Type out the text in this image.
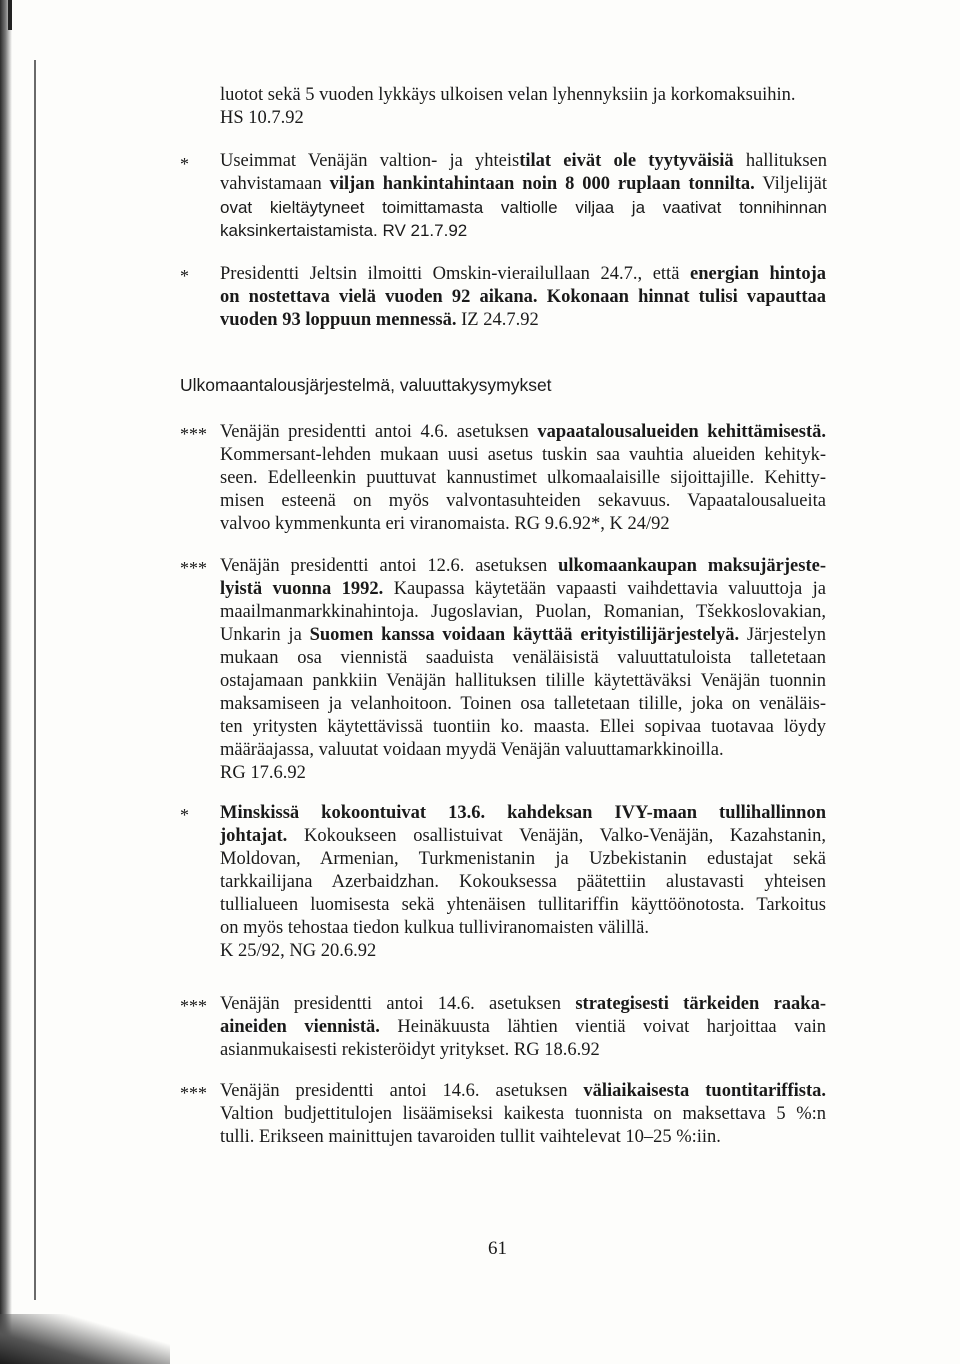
luotot sekä 5 vuoden lykkäys ulkoisen velan lyhennyksiin ja korkomaksuihin.
HS 10.7.92
* Useimmat Venäjän valtion- ja yhteistilat eivät ole tyytyväisiä hallituksen
vahvistamaan viljan hankintahintaan noin 8 000 ruplaan tonnilta. Viljelijät
ovat kieltäytyneet toimittamasta valtiolle viljaa ja vaativat tonnihinnan
kaksinkertaistamista. RV 21.7.92
* Presidentti Jeltsin ilmoitti Omskin-vierailullaan 24.7., että energian hintoja
on nostettava vielä vuoden 92 aikana. Kokonaan hinnat tulisi vapauttaa
vuoden 93 loppuun mennessä. IZ 24.7.92
Ulkomaantalousjärjestelmä, valuuttakysymykset
*** Venäjän presidentti antoi 4.6. asetuksen vapaatalousalueiden kehittämisestä.
Kommersant-lehden mukaan uusi asetus tuskin saa vauhtia alueiden kehityk-
seen. Edelleenkin puuttuvat kannustimet ulkomaalaisille sijoittajille. Kehitty-
misen esteenä on myös valvontasuhteiden sekavuus. Vapaatalousalueita
valvoo kymmenkunta eri viranomaista. RG 9.6.92*, K 24/92
*** Venäjän presidentti antoi 12.6. asetuksen ulkomaankaupan maksujärjeste-
lyistä vuonna 1992. Kaupassa käytetään vapaasti vaihdettavia valuuttoja ja
maailmanmarkkinahintoja. Jugoslavian, Puolan, Romanian, Tšekkoslovakian,
Unkarin ja Suomen kanssa voidaan käyttää erityistilijärjestelyä. Järjestelyn
mukaan osa viennistä saaduista venäläisistä valuuttatuloista talletetaan
ostajamaan pankkiin Venäjän hallituksen tilille käytettäväksi Venäjän tuonnin
maksamiseen ja velanhoitoon. Toinen osa talletetaan tilille, joka on venäläis-
ten yritysten käytettävissä tuontiin ko. maasta. Ellei sopivaa tuotavaa löydy
määräajassa, valuutat voidaan myydä Venäjän valuuttamarkkinoilla.
RG 17.6.92
* Minskissä kokoontuivat 13.6. kahdeksan IVY-maan tullihallinnon
johtajat. Kokoukseen osallistuivat Venäjän, Valko-Venäjän, Kazahstanin,
Moldovan, Armenian, Turkmenistanin ja Uzbekistanin edustajat sekä
tarkkailijana Azerbaidzhan. Kokouksessa päätettiin alustavasti yhteisen
tullialueen luomisesta sekä yhtenäisen tullitariffin käyttöönotosta. Tarkoitus
on myös tehostaa tiedon kulkua tulliviranomaisten välillä.
K 25/92, NG 20.6.92
*** Venäjän presidentti antoi 14.6. asetuksen strategisesti tärkeiden raaka-
aineiden viennistä. Heinäkuusta lähtien vientiä voivat harjoittaa vain
asianmukaisesti rekisteröidyt yritykset. RG 18.6.92
*** Venäjän presidentti antoi 14.6. asetuksen väliaikaisesta tuontitariffista.
Valtion budjettitulojen lisäämiseksi kaikesta tuonnista on maksettava 5 %:n
tulli. Erikseen mainittujen tavaroiden tullit vaihtelevat 10–25 %:iin.
61
